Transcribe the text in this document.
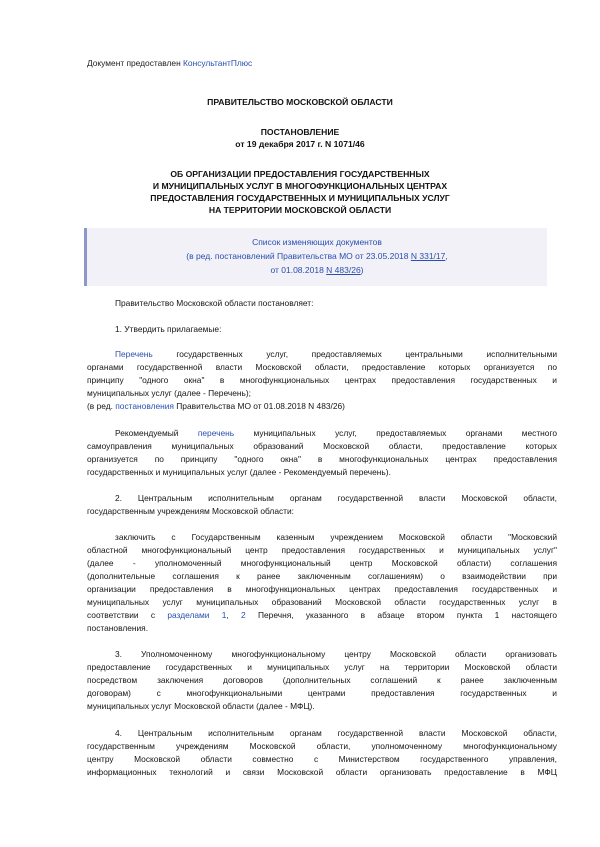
Документ предоставлен КонсультантПлюс
ПРАВИТЕЛЬСТВО МОСКОВСКОЙ ОБЛАСТИ
ПОСТАНОВЛЕНИЕ
от 19 декабря 2017 г. N 1071/46
ОБ ОРГАНИЗАЦИИ ПРЕДОСТАВЛЕНИЯ ГОСУДАРСТВЕННЫХ
И МУНИЦИПАЛЬНЫХ УСЛУГ В МНОГОФУНКЦИОНАЛЬНЫХ ЦЕНТРАХ
ПРЕДОСТАВЛЕНИЯ ГОСУДАРСТВЕННЫХ И МУНИЦИПАЛЬНЫХ УСЛУГ
НА ТЕРРИТОРИИ МОСКОВСКОЙ ОБЛАСТИ
Список изменяющих документов
(в ред. постановлений Правительства МО от 23.05.2018 N 331/17,
от 01.08.2018 N 483/26)
Правительство Московской области постановляет:
1. Утвердить прилагаемые:
Перечень государственных услуг, предоставляемых центральными исполнительными
органами государственной власти Московской области, предоставление которых организуется по
принципу "одного окна" в многофункциональных центрах предоставления государственных и
муниципальных услуг (далее - Перечень);
(в ред. постановления Правительства МО от 01.08.2018 N 483/26)
Рекомендуемый перечень муниципальных услуг, предоставляемых органами местного
самоуправления муниципальных образований Московской области, предоставление которых
организуется по принципу "одного окна" в многофункциональных центрах предоставления
государственных и муниципальных услуг (далее - Рекомендуемый перечень).
2. Центральным исполнительным органам государственной власти Московской области,
государственным учреждениям Московской области:
заключить с Государственным казенным учреждением Московской области "Московский
областной многофункциональный центр предоставления государственных и муниципальных услуг"
(далее - уполномоченный многофункциональный центр Московской области) соглашения
(дополнительные соглашения к ранее заключенным соглашениям) о взаимодействии при
организации предоставления в многофункциональных центрах предоставления государственных и
муниципальных услуг муниципальных образований Московской области государственных услуг в
соответствии с разделами 1, 2 Перечня, указанного в абзаце втором пункта 1 настоящего
постановления.
3. Уполномоченному многофункциональному центру Московской области организовать
предоставление государственных и муниципальных услуг на территории Московской области
посредством заключения договоров (дополнительных соглашений к ранее заключенным
договорам) с многофункциональными центрами предоставления государственных и
муниципальных услуг Московской области (далее - МФЦ).
4. Центральным исполнительным органам государственной власти Московской области,
государственным учреждениям Московской области, уполномоченному многофункциональному
центру Московской области совместно с Министерством государственного управления,
информационных технологий и связи Московской области организовать предоставление в МФЦ
